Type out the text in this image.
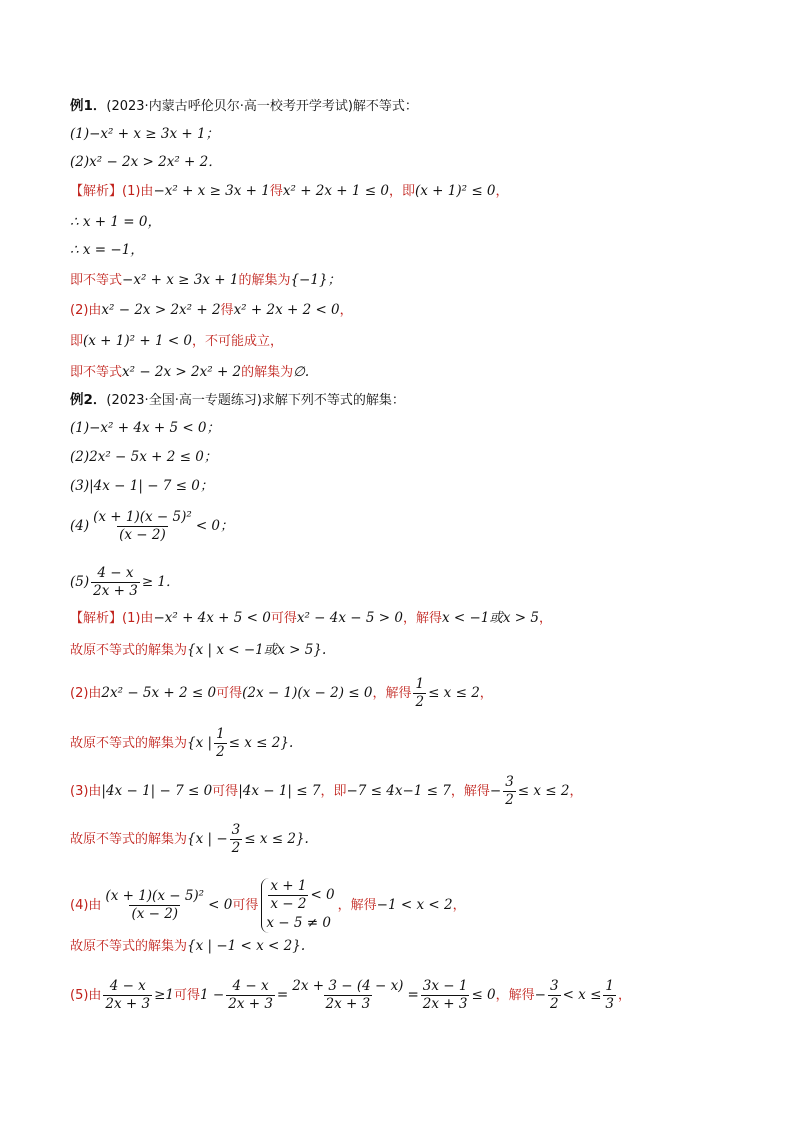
例1．(2023·内蒙古呼伦贝尔·高一校考开学考试)解不等式：
(1)−x² + x ≥ 3x + 1；
(2)x² − 2x > 2x² + 2．
【解析】(1)由−x² + x ≥ 3x + 1得x² + 2x + 1 ≤ 0，即(x + 1)² ≤ 0，
∴ x + 1 = 0，
∴ x = −1，
即不等式−x² + x ≥ 3x + 1的解集为{−1}；
(2)由x² − 2x > 2x² + 2得x² + 2x + 2 < 0，
即(x + 1)² + 1 < 0，不可能成立，
即不等式x² − 2x > 2x² + 2的解集为∅.
例2．(2023·全国·高一专题练习)求解下列不等式的解集：
(1)−x² + 4x + 5 < 0；
(2)2x² − 5x + 2 ≤ 0；
(3)|4x − 1| − 7 ≤ 0；
$(4) \frac{\text{(x + 1)(x − 5)²}}{(x - 2)} < 0$；
$(5) \frac{4 - x}{2x + 3} \ge 1$．
【解析】(1)由−x² + 4x + 5 < 0可得x² − 4x − 5 > 0，解得x < −1或x > 5，
故原不等式的解集为{x | x < −1或x > 5}.
(2)由2x² − 5x + 2 ≤ 0可得(2x − 1)(x − 2) ≤ 0，解得 $\frac{1}{2} \le x \le 2$，
故原不等式的解集为{x | $\frac{1}{2} \le x \le 2$}.
(3)由|4x − 1| − 7 ≤ 0可得|4x − 1| ≤ 7，即−7 ≤ 4x−1 ≤ 7，解得− $\frac{3}{2} \le x \le 2$，
故原不等式的解集为{x | − $\frac{3}{2} \le x \le 2$}.
(4)由 $\frac{\text{(x + 1)(x − 5)²}}{(x - 2)} < 0$可得 $\frac{x + 1}{x - 2} < 0$
x − 5 ≠ 0
，解得−1 < x < 2，
故原不等式的解集为{x | −1 < x < 2}.
(5)由 $\frac{4 - x}{2x + 3} \ge 1$可得$1 - \frac{4 - x}{2x + 3} = \frac{2x + 3 - (4 - x)}{2x + 3} = \frac{3x - 1}{2x + 3} \le 0$，解得− $\frac{3}{2} < x \le \frac{1}{3}$ ，
